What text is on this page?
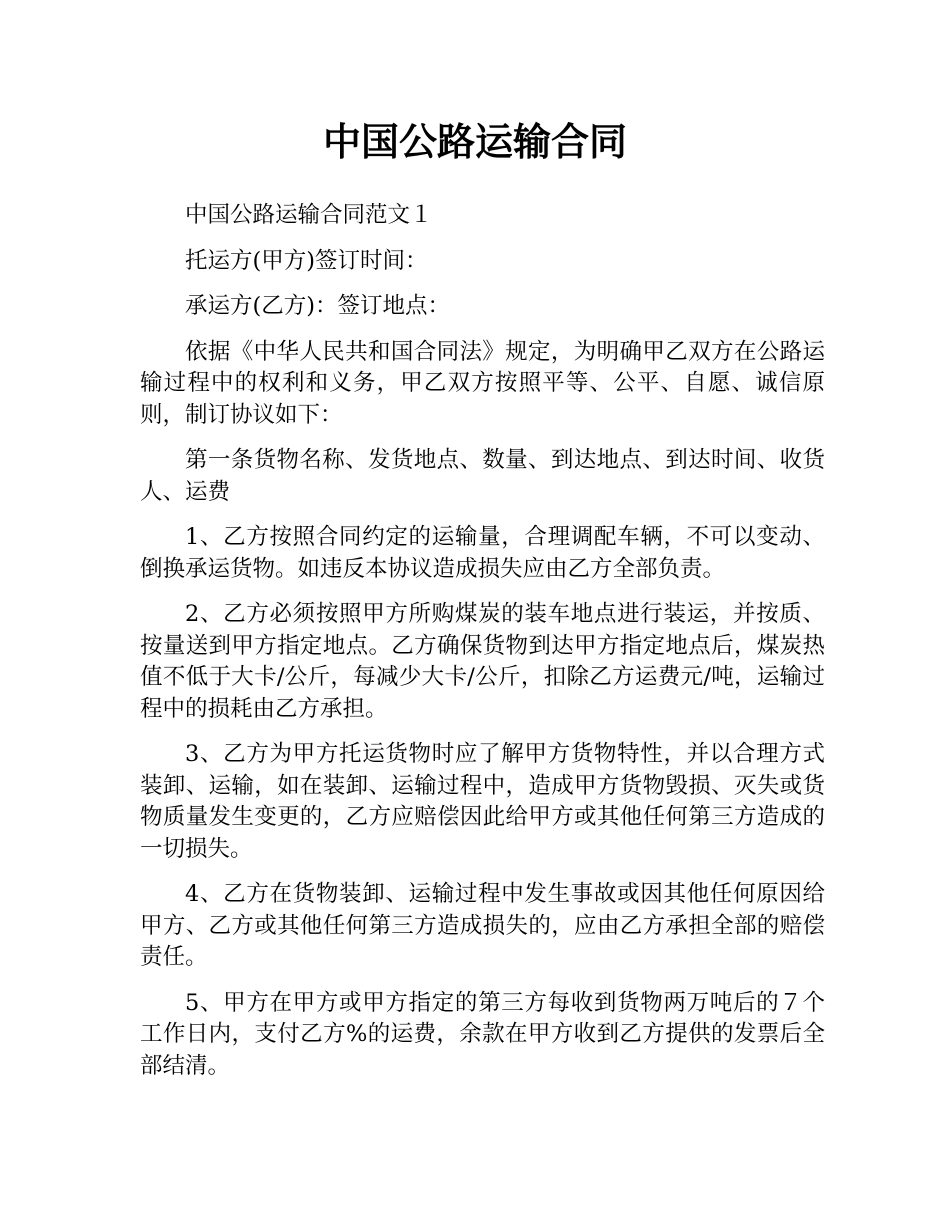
中国公路运输合同

中国公路运输合同范文１

托运方(甲方)签订时间：

承运方(乙方)：签订地点：

依据《中华人民共和国合同法》规定，为明确甲乙双方在公路运输过程中的权利和义务，甲乙双方按照平等、公平、自愿、诚信原则，制订协议如下：

第一条货物名称、发货地点、数量、到达地点、到达时间、收货人、运费

1、乙方按照合同约定的运输量，合理调配车辆，不可以变动、倒换承运货物。如违反本协议造成损失应由乙方全部负责。

2、乙方必须按照甲方所购煤炭的装车地点进行装运，并按质、按量送到甲方指定地点。乙方确保货物到达甲方指定地点后，煤炭热值不低于大卡/公斤，每减少大卡/公斤，扣除乙方运费元/吨，运输过程中的损耗由乙方承担。

3、乙方为甲方托运货物时应了解甲方货物特性，并以合理方式装卸、运输，如在装卸、运输过程中，造成甲方货物毁损、灭失或货物质量发生变更的，乙方应赔偿因此给甲方或其他任何第三方造成的一切损失。

4、乙方在货物装卸、运输过程中发生事故或因其他任何原因给甲方、乙方或其他任何第三方造成损失的，应由乙方承担全部的赔偿责任。

5、甲方在甲方或甲方指定的第三方每收到货物两万吨后的７个工作日内，支付乙方%的运费，余款在甲方收到乙方提供的发票后全部结清。
